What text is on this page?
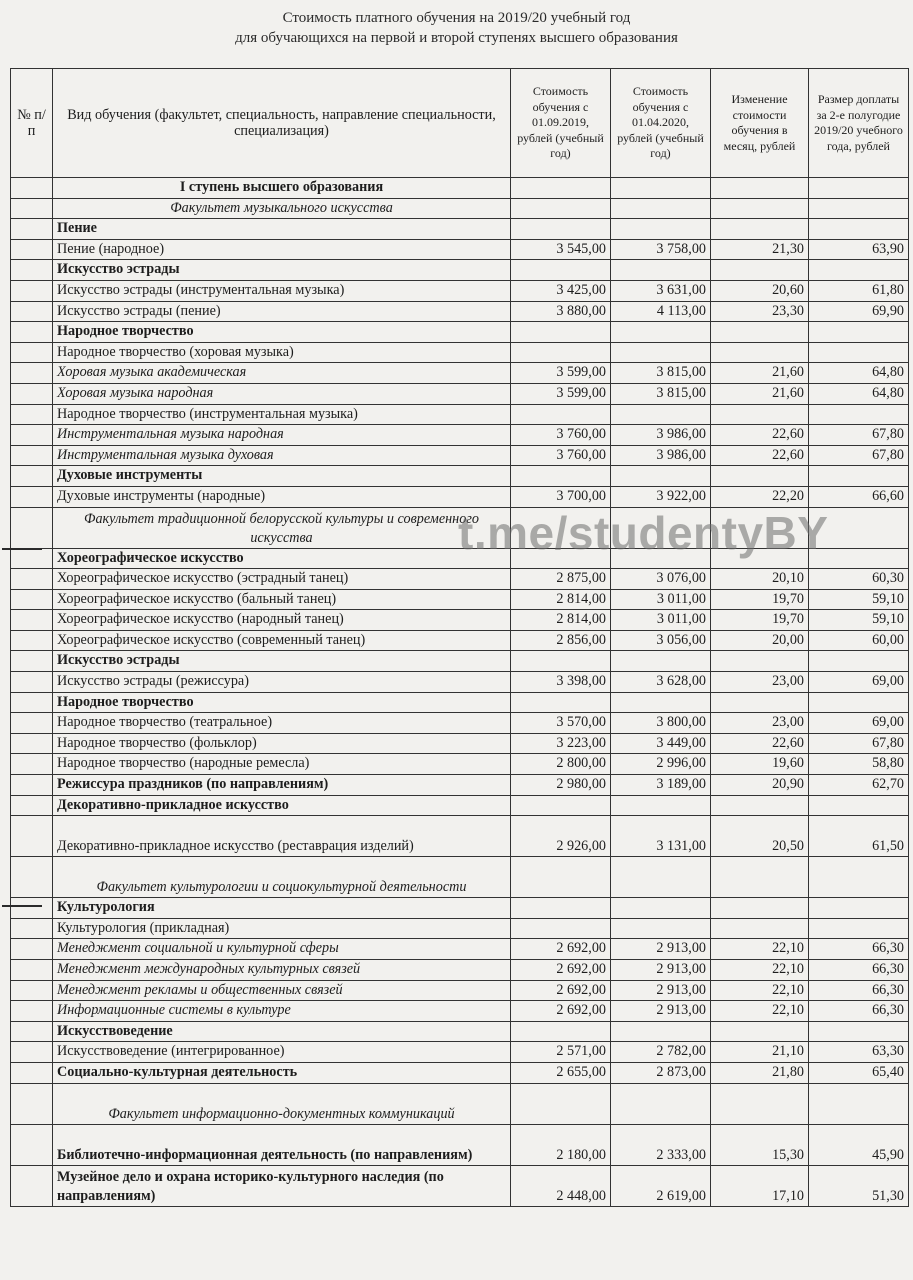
Стоимость платного обучения на 2019/20 учебный год
для обучающихся на первой и второй ступенях высшего образования
№ п/п	Вид обучения (факультет, специальность, направление специальности, специализация)	Стоимость обучения с 01.09.2019, рублей (учебный год)	Стоимость обучения с 01.04.2020, рублей (учебный год)	Изменение стоимости обучения в месяц, рублей	Размер доплаты за 2-е полугодие 2019/20 учебного года, рублей
	I ступень высшего образования				
	Факультет музыкального искусства				
	Пение				
	Пение (народное)	3 545,00	3 758,00	21,30	63,90
	Искусство эстрады				
	Искусство эстрады (инструментальная музыка)	3 425,00	3 631,00	20,60	61,80
	Искусство эстрады (пение)	3 880,00	4 113,00	23,30	69,90
	Народное творчество				
	Народное творчество (хоровая музыка)				
	Хоровая музыка академическая	3 599,00	3 815,00	21,60	64,80
	Хоровая музыка народная	3 599,00	3 815,00	21,60	64,80
	Народное творчество (инструментальная музыка)				
	Инструментальная музыка народная	3 760,00	3 986,00	22,60	67,80
	Инструментальная музыка духовая	3 760,00	3 986,00	22,60	67,80
	Духовые инструменты				
	Духовые инструменты (народные)	3 700,00	3 922,00	22,20	66,60
	Факультет традиционной белорусской культуры и современного искусства				
	Хореографическое искусство				
	Хореографическое искусство (эстрадный танец)	2 875,00	3 076,00	20,10	60,30
	Хореографическое искусство (бальный танец)	2 814,00	3 011,00	19,70	59,10
	Хореографическое искусство (народный танец)	2 814,00	3 011,00	19,70	59,10
	Хореографическое искусство (современный танец)	2 856,00	3 056,00	20,00	60,00
	Искусство эстрады				
	Искусство эстрады (режиссура)	3 398,00	3 628,00	23,00	69,00
	Народное творчество				
	Народное творчество (театральное)	3 570,00	3 800,00	23,00	69,00
	Народное творчество (фольклор)	3 223,00	3 449,00	22,60	67,80
	Народное творчество (народные ремесла)	2 800,00	2 996,00	19,60	58,80
	Режиссура праздников (по направлениям)	2 980,00	3 189,00	20,90	62,70
	Декоративно-прикладное искусство				
	Декоративно-прикладное искусство (реставрация изделий)	2 926,00	3 131,00	20,50	61,50
	Факультет культурологии и социокультурной деятельности				
	Культурология				
	Культурология (прикладная)				
	Менеджмент социальной и культурной сферы	2 692,00	2 913,00	22,10	66,30
	Менеджмент международных культурных связей	2 692,00	2 913,00	22,10	66,30
	Менеджмент рекламы и общественных связей	2 692,00	2 913,00	22,10	66,30
	Информационные системы в культуре	2 692,00	2 913,00	22,10	66,30
	Искусствоведение				
	Искусствоведение (интегрированное)	2 571,00	2 782,00	21,10	63,30
	Социально-культурная деятельность	2 655,00	2 873,00	21,80	65,40
	Факультет информационно-документных коммуникаций				
	Библиотечно-информационная деятельность (по направлениям)	2 180,00	2 333,00	15,30	45,90
	Музейное дело и охрана историко-культурного наследия (по направлениям)	2 448,00	2 619,00	17,10	51,30
t.me/studentyBY
